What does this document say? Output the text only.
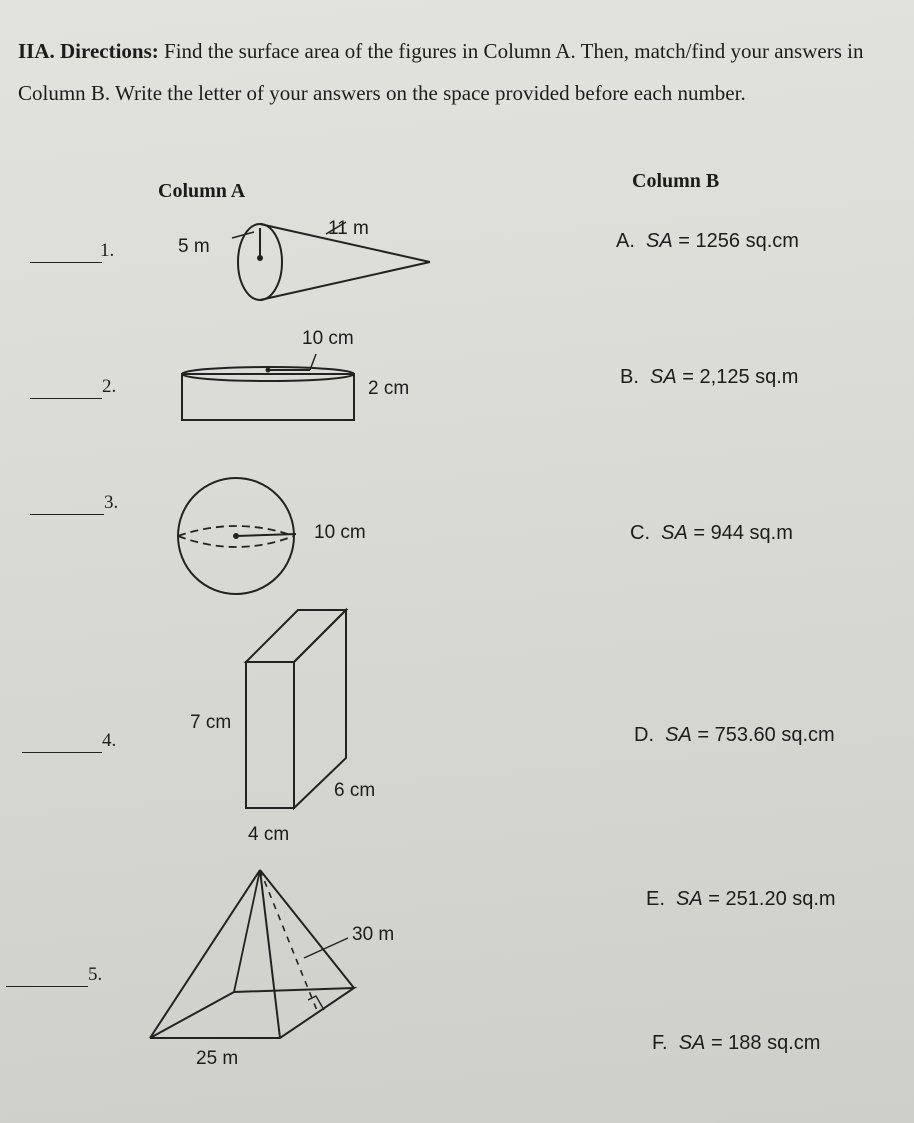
IIA. Directions: Find the surface area of the figures in Column A. Then, match/find your answers in Column B. Write the letter of your answers on the space provided before each number.
Column A	Column B
1.	5 m
11 m
2.
10 cm
2 cm
3.
10 cm
4.
7 cm
6 cm
4 cm
5.
30 m
25 m
A. SA = 1256 sq.cm
B. SA = 2,125 sq.m
C. SA = 944 sq.m
D. SA = 753.60 sq.cm
E. SA = 251.20 sq.m
F. SA = 188 sq.cm
